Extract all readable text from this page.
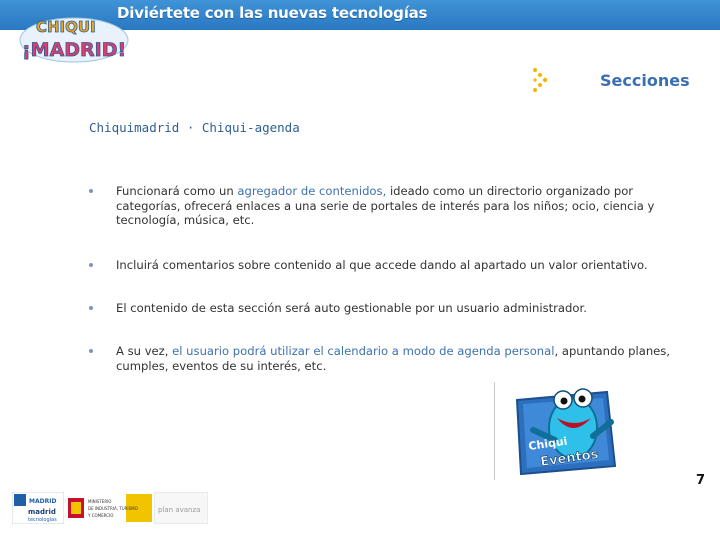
Diviértete con las nuevas tecnologías
CHIQUI
¡MADRID!
Secciones
Chiquimadrid · Chiqui-agenda
Funcionará como un agregador de contenidos, ideado como un directorio organizado por categorías, ofrecerá enlaces a una serie de portales de interés para los niños; ocio, ciencia y tecnología, música, etc.
Incluirá comentarios sobre contenido al que accede dando al apartado un valor orientativo.
El contenido de esta sección será auto gestionable por un usuario administrador.
A su vez, el usuario podrá utilizar el calendario a modo de agenda personal, apuntando planes, cumples, eventos de su interés, etc.
Chiqui
Eventos
7
MADRID
madrid
tecnologías
MINISTERIO
DE INDUSTRIA, TURISMO
Y COMERCIO
plan avanza
